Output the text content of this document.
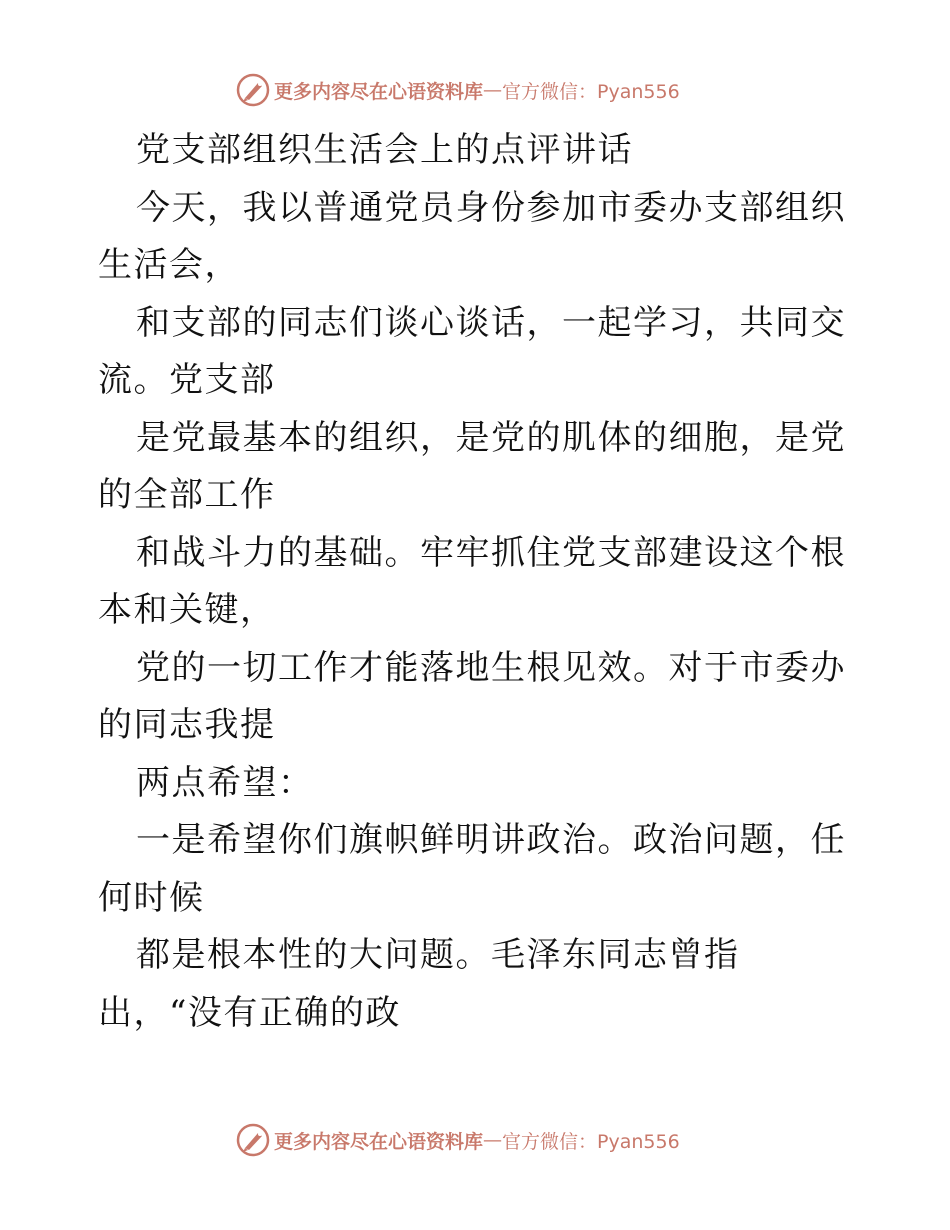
更多内容尽在心语资料库 — 官方微信：Pyan556

党支部组织生活会上的点评讲话

今天，我以普通党员身份参加市委办支部组织生活会，

和支部的同志们谈心谈话，一起学习，共同交流。党支部

是党最基本的组织，是党的肌体的细胞，是党的全部工作

和战斗力的基础。牢牢抓住党支部建设这个根本和关键，

党的一切工作才能落地生根见效。对于市委办的同志我提

两点希望：

一是希望你们旗帜鲜明讲政治。政治问题，任何时候

都是根本性的大问题。毛泽东同志曾指出，“没有正确的政

更多内容尽在心语资料库 — 官方微信：Pyan556
